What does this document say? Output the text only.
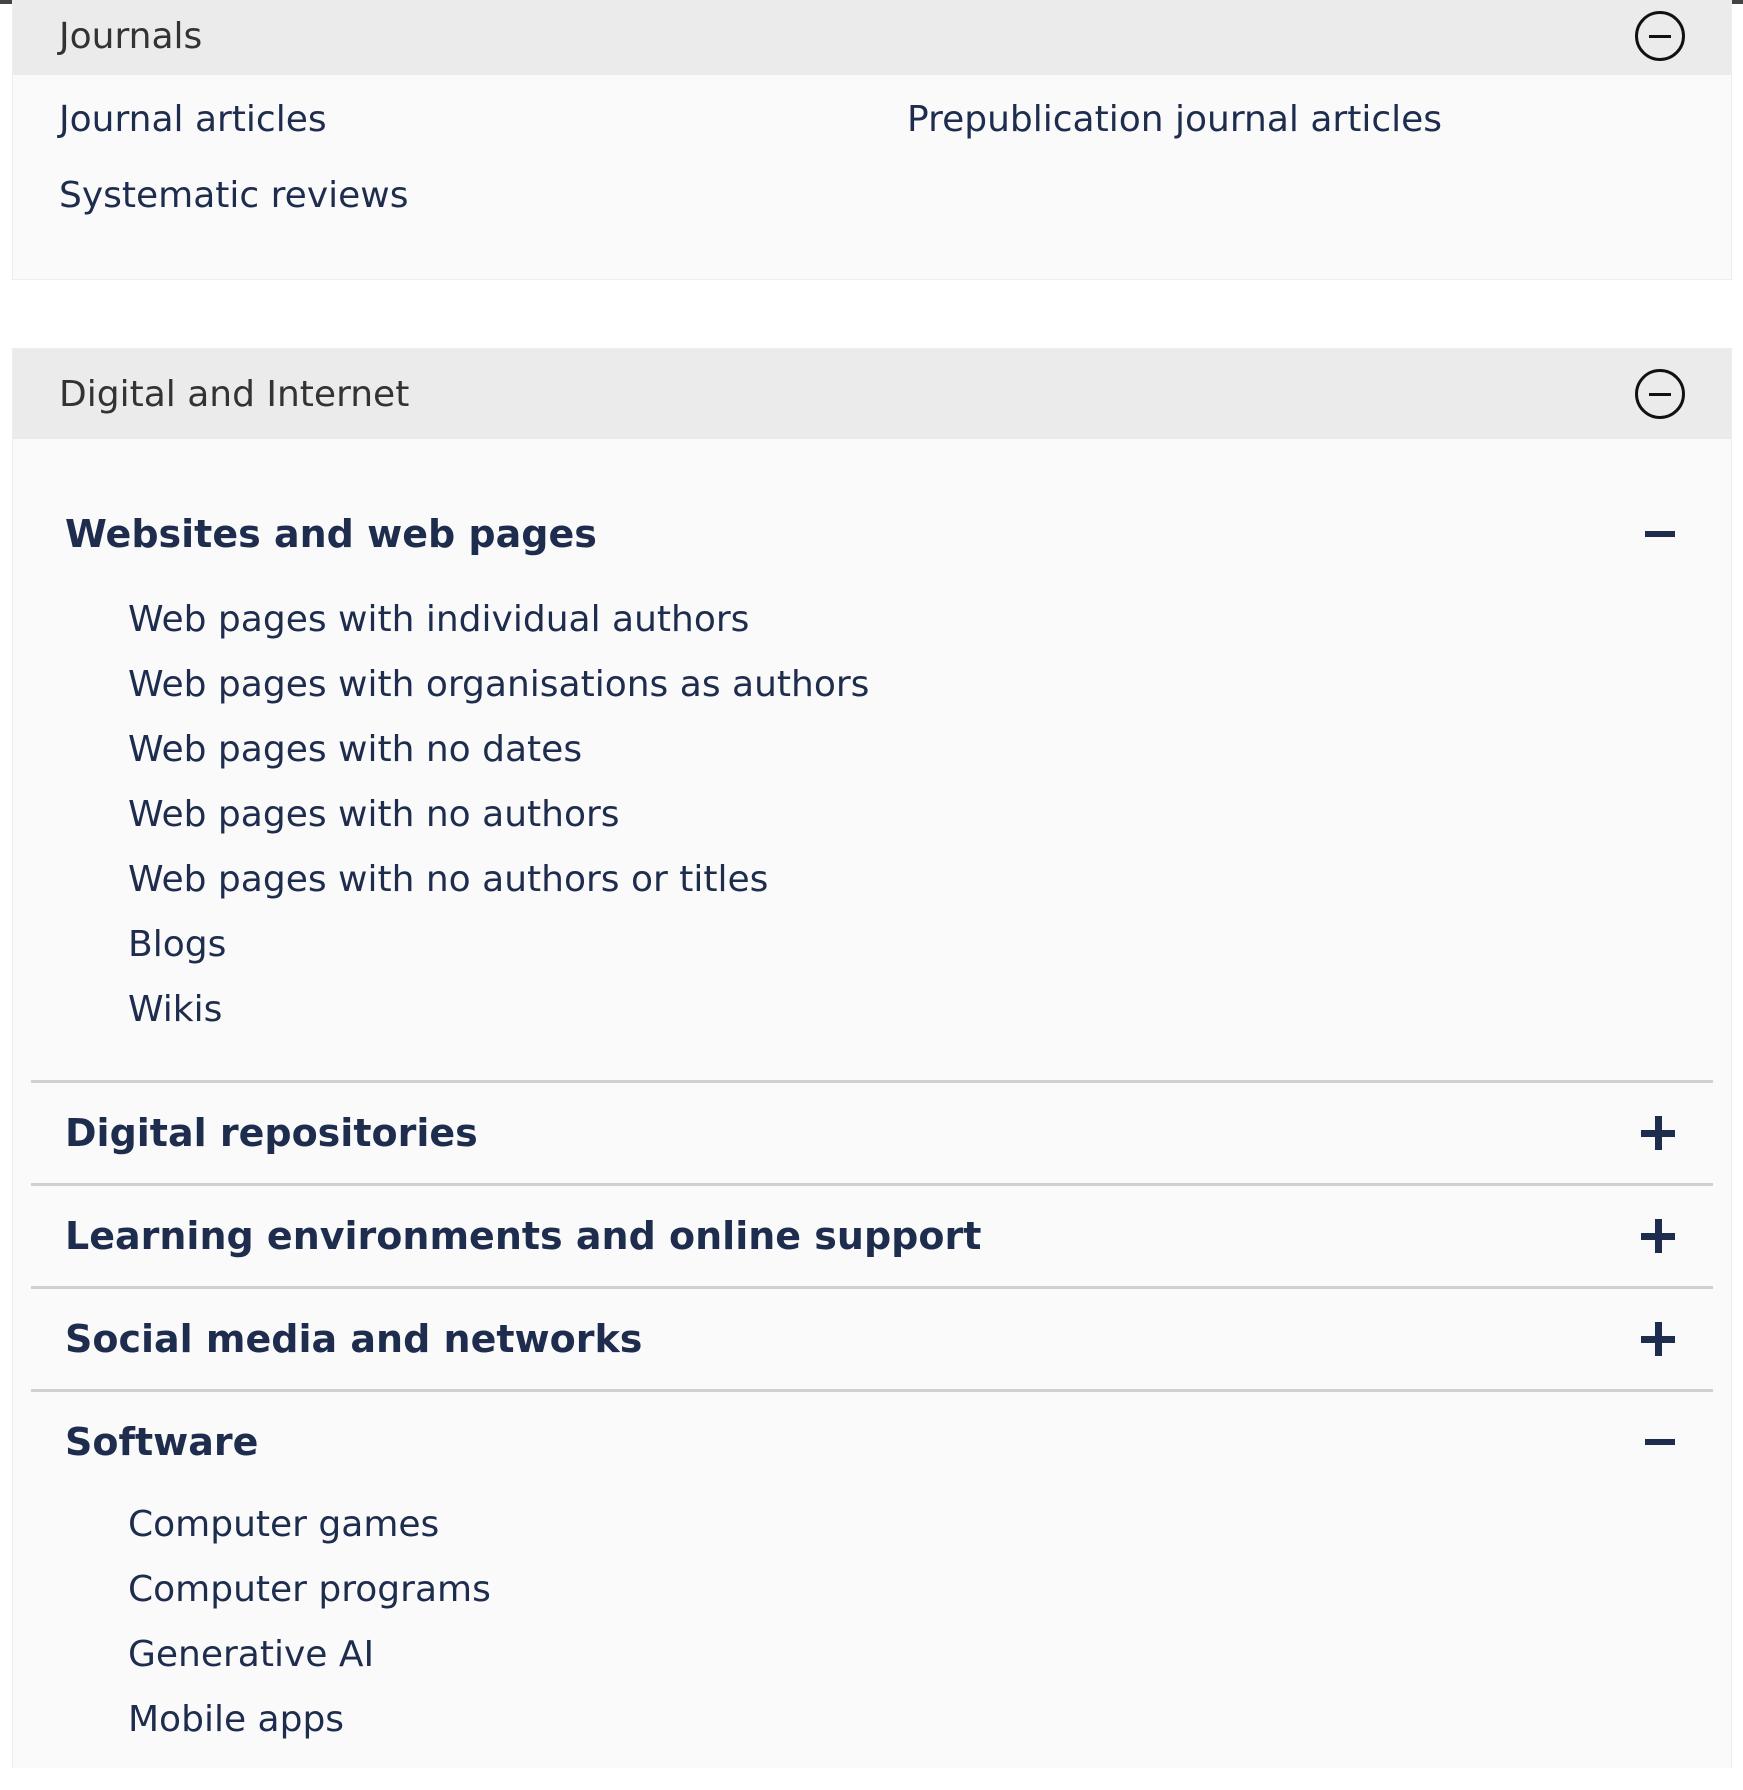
Journals
Journal articles	Prepublication journal articles
Systematic reviews
Digital and Internet
Websites and web pages
Web pages with individual authors
Web pages with organisations as authors
Web pages with no dates
Web pages with no authors
Web pages with no authors or titles
Blogs
Wikis
Digital repositories
Learning environments and online support
Social media and networks
Software
Computer games
Computer programs
Generative AI
Mobile apps
